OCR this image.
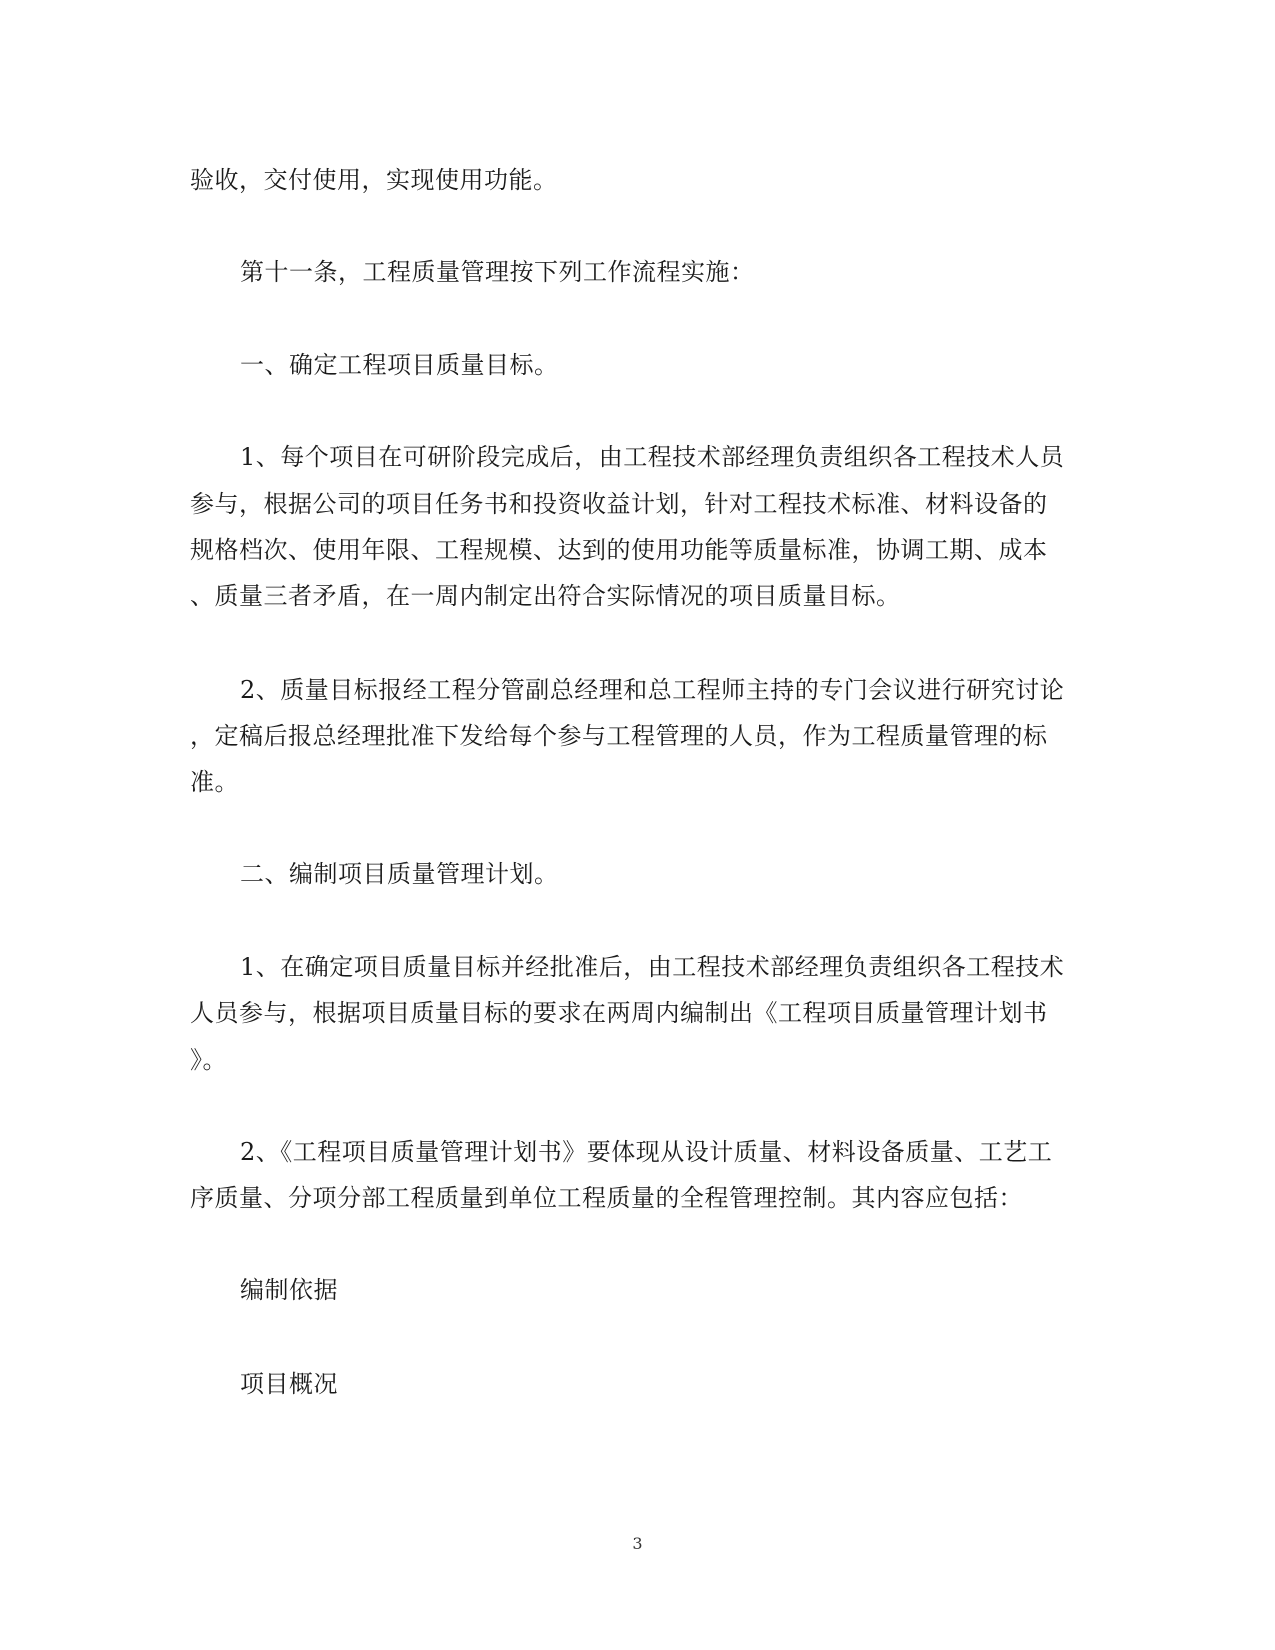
验收，交付使用，实现使用功能。
第十一条，工程质量管理按下列工作流程实施：
一、确定工程项目质量目标。
1、每个项目在可研阶段完成后，由工程技术部经理负责组织各工程技术人员
参与，根据公司的项目任务书和投资收益计划，针对工程技术标准、材料设备的
规格档次、使用年限、工程规模、达到的使用功能等质量标准，协调工期、成本
、质量三者矛盾，在一周内制定出符合实际情况的项目质量目标。
2、质量目标报经工程分管副总经理和总工程师主持的专门会议进行研究讨论
，定稿后报总经理批准下发给每个参与工程管理的人员，作为工程质量管理的标
准。
二、编制项目质量管理计划。
1、在确定项目质量目标并经批准后，由工程技术部经理负责组织各工程技术
人员参与，根据项目质量目标的要求在两周内编制出《工程项目质量管理计划书
》。
2、《工程项目质量管理计划书》要体现从设计质量、材料设备质量、工艺工
序质量、分项分部工程质量到单位工程质量的全程管理控制。其内容应包括：
编制依据
项目概况
3
